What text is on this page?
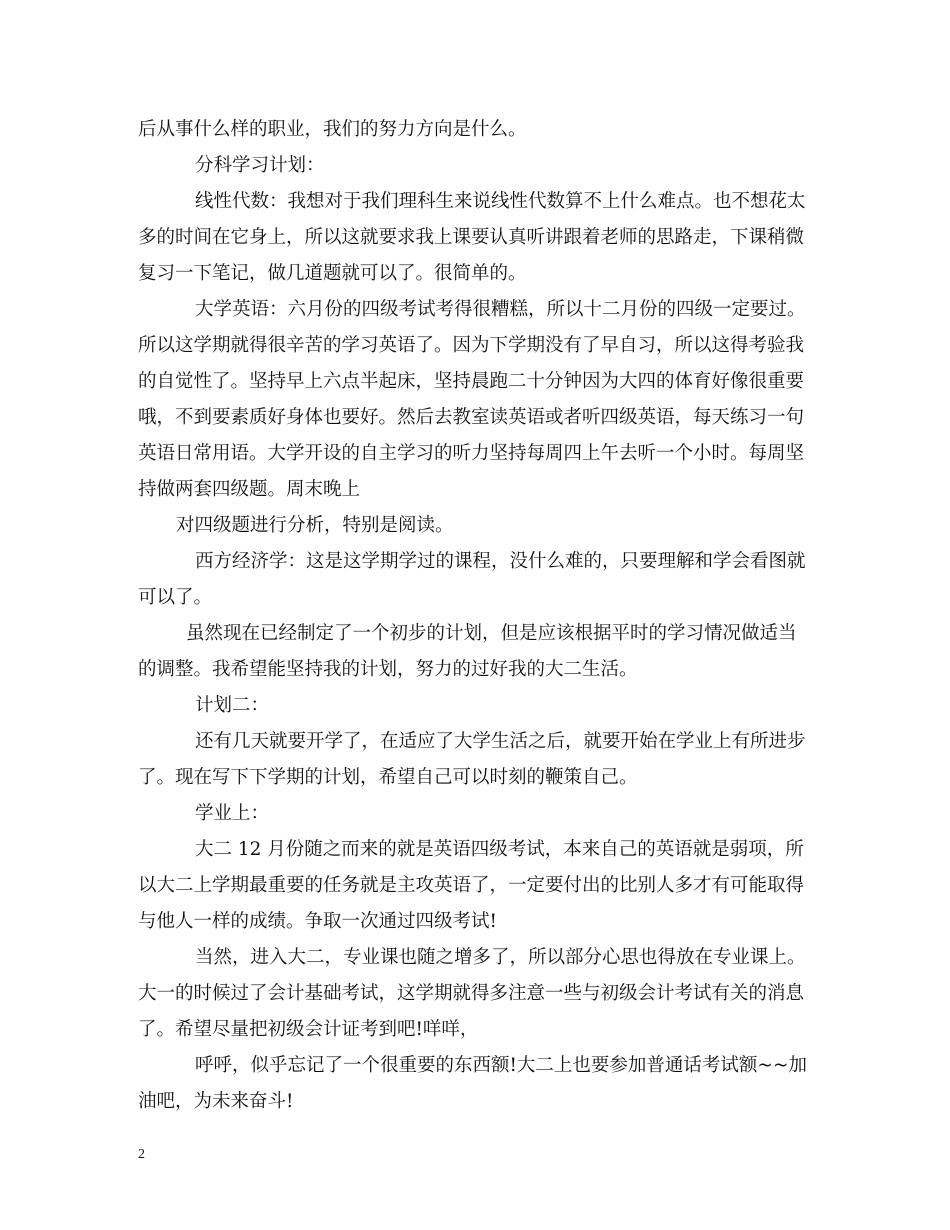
后从事什么样的职业，我们的努力方向是什么。
分科学习计划：
线性代数：我想对于我们理科生来说线性代数算不上什么难点。也不想花太
多的时间在它身上，所以这就要求我上课要认真听讲跟着老师的思路走，下课稍微
复习一下笔记，做几道题就可以了。很简单的。
大学英语：六月份的四级考试考得很糟糕，所以十二月份的四级一定要过。
所以这学期就得很辛苦的学习英语了。因为下学期没有了早自习，所以这得考验我
的自觉性了。坚持早上六点半起床，坚持晨跑二十分钟因为大四的体育好像很重要
哦，不到要素质好身体也要好。然后去教室读英语或者听四级英语，每天练习一句
英语日常用语。大学开设的自主学习的听力坚持每周四上午去听一个小时。每周坚
持做两套四级题。周末晚上
对四级题进行分析，特别是阅读。
西方经济学：这是这学期学过的课程，没什么难的，只要理解和学会看图就
可以了。
虽然现在已经制定了一个初步的计划，但是应该根据平时的学习情况做适当
的调整。我希望能坚持我的计划，努力的过好我的大二生活。
计划二：
还有几天就要开学了，在适应了大学生活之后，就要开始在学业上有所进步
了。现在写下下学期的计划，希望自己可以时刻的鞭策自己。
学业上：
大二 12 月份随之而来的就是英语四级考试，本来自己的英语就是弱项，所
以大二上学期最重要的任务就是主攻英语了，一定要付出的比别人多才有可能取得
与他人一样的成绩。争取一次通过四级考试!
当然，进入大二，专业课也随之增多了，所以部分心思也得放在专业课上。
大一的时候过了会计基础考试，这学期就得多注意一些与初级会计考试有关的消息
了。希望尽量把初级会计证考到吧!咩咩，
呼呼，似乎忘记了一个很重要的东西额!大二上也要参加普通话考试额~~加
油吧，为未来奋斗!
2
